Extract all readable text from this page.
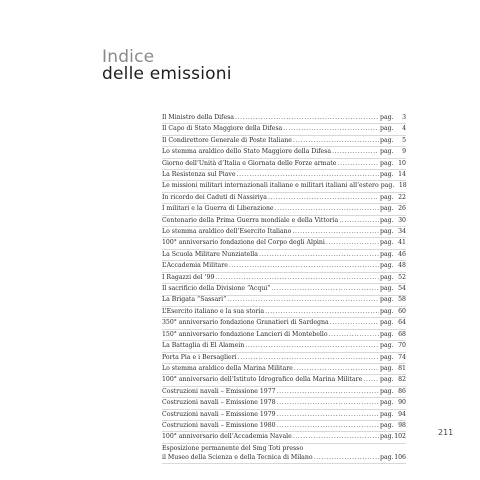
Indice
delle emissioni
Il Ministro della Difesa .....	pag.	3
Il Capo di Stato Maggiore della Difesa .....	pag.	4
Il Condirettore Generale di Poste Italiane .....	pag.	5
Lo stemma araldico dello Stato Maggiore della Difesa .....	pag.	9
Giorno dell’Unità d’Italia e Giornata delle Forze armate .....	pag. 10
La Resistenza sul Piave .....	pag. 14
Le missioni militari internazionali italiane e militari italiani all’estero pag. 18
In ricordo dei Caduti di Nassiriya .....	pag. 22
I militari e la Guerra di Liberazione .....	pag. 26
Centenario della Prima Guerra mondiale e della Vittoria .....	pag. 30
Lo stemma araldico dell’Esercito Italiano .....	pag. 34
100° anniversario fondazione del Corpo degli Alpini .....	pag. 41
La Scuola Militare Nunziatella .....	pag. 46
L’Accademia Militare .....	pag. 48
I Ragazzi del ’99 .....	pag. 52
Il sacrificio della Divisione “Acqui” .....	pag. 54
La Brigata “Sassari” .....	pag. 58
L’Esercito italiano e la sua storia .....	pag. 60
350° anniversario fondazione Granatieri di Sardegna .....	pag. 64
150° anniversario fondazione Lancieri di Montebello .....	pag. 68
La Battaglia di El Alamein .....	pag. 70
Porta Pia e i Bersaglieri .....	pag. 74
Lo stemma araldico della Marina Militare .....	pag. 81
100° anniversario dell’Istituto Idrografico della Marina Militare .....	pag. 82
Costruzioni navali – Emissione 1977 .....	pag. 86
Costruzioni navali – Emissione 1978 .....	pag. 90
Costruzioni navali – Emissione 1979 .....	pag. 94
Costruzioni navali – Emissione 1980 .....	pag. 98
100° anniversario dell’Accademia Navale .....	pag. 102
Esposizione permanente del Smg Toti presso
il Museo della Scienza e della Tecnica di Milano .....	pag. 106
211
